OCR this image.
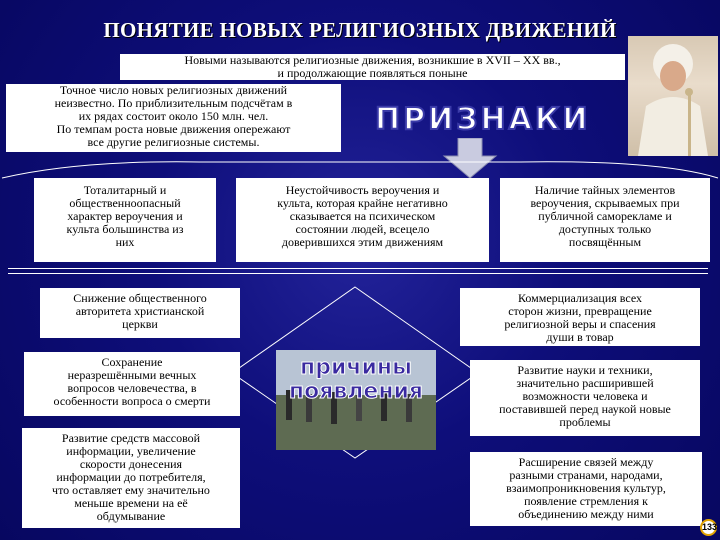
ПОНЯТИЕ НОВЫХ РЕЛИГИОЗНЫХ ДВИЖЕНИЙ
Новыми называются религиозные движения, возникшие в XVII – XX вв.,
и продолжающие появляться поныне
Точное число новых религиозных движений
неизвестно. По приблизительным подсчётам в
их рядах состоит около 150 млн. чел.
По темпам роста новые движения опережают
все другие религиозные системы.
ПРИЗНАКИ
Тоталитарный и
общественноопасный
характер вероучения и
культа большинства из
них
Неустойчивость вероучения и
культа, которая крайне негативно
сказывается на психическом
состоянии людей, всецело
доверившихся этим движениям
Наличие тайных элементов
вероучения, скрываемых при
публичной саморекламе и
доступных только
посвящённым
причины
появления
Снижение общественного
авторитета христианской
церкви
Сохранение
неразрешёнными вечных
вопросов человечества, в
особенности вопроса о смерти
Развитие средств массовой
информации, увеличение
скорости донесения
информации до потребителя,
что оставляет ему значительно
меньше времени на её
обдумывание
Коммерциализация всех
сторон жизни, превращение
религиозной веры и спасения
души в товар
Развитие науки и техники,
значительно расширившей
возможности человека и
поставившей перед наукой новые
проблемы
Расширение связей между
разными странами, народами,
взаимопроникновения культур,
появление стремления к
объединению между ними
133
